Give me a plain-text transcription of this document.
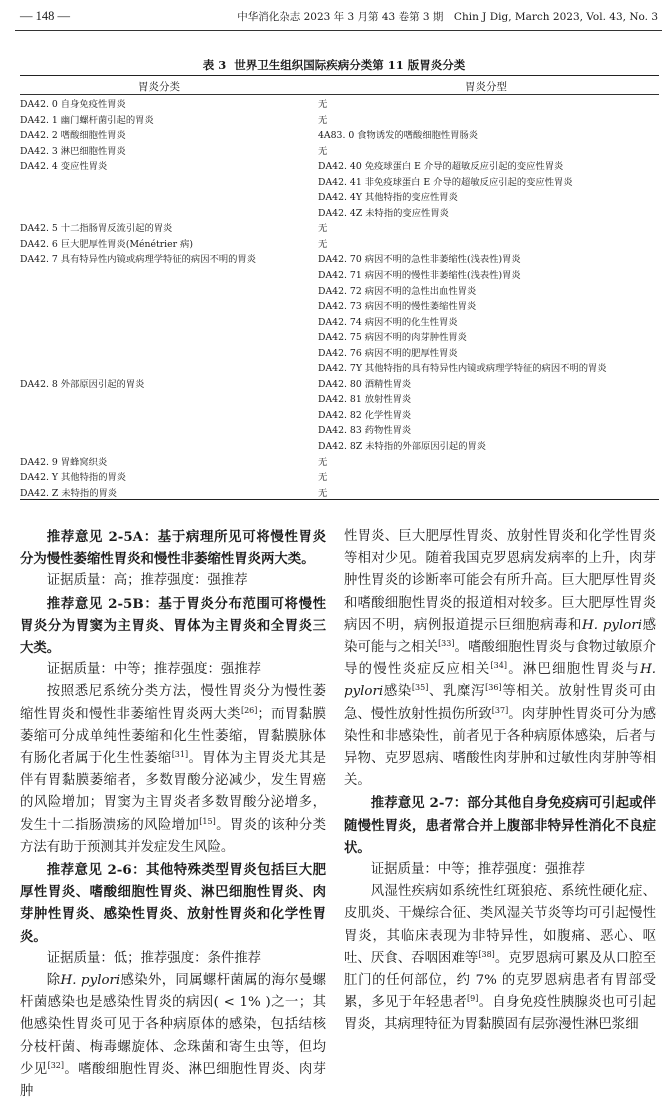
— 148 —	中华消化杂志 2023 年 3 月第 43 卷第 3 期　Chin J Dig, March 2023, Vol. 43, No. 3
表 3 世界卫生组织国际疾病分类第 11 版胃炎分类
胃炎分类	胃炎分型
DA42. 0 自身免疫性胃炎	无
DA42. 1 幽门螺杆菌引起的胃炎	无
DA42. 2 嗜酸细胞性胃炎	4A83. 0 食物诱发的嗜酸细胞性胃肠炎
DA42. 3 淋巴细胞性胃炎	无
DA42. 4 变应性胃炎	DA42. 40 免疫球蛋白 E 介导的超敏反应引起的变应性胃炎
DA42. 41 非免疫球蛋白 E 介导的超敏反应引起的变应性胃炎
DA42. 4Y 其他特指的变应性胃炎
DA42. 4Z 未特指的变应性胃炎
DA42. 5 十二指肠胃反流引起的胃炎	无
DA42. 6 巨大肥厚性胃炎(Ménétrier 病)	无
DA42. 7 具有特异性内镜或病理学特征的病因不明的胃炎	DA42. 70 病因不明的急性非萎缩性(浅表性)胃炎
DA42. 71 病因不明的慢性非萎缩性(浅表性)胃炎
DA42. 72 病因不明的急性出血性胃炎
DA42. 73 病因不明的慢性萎缩性胃炎
DA42. 74 病因不明的化生性胃炎
DA42. 75 病因不明的肉芽肿性胃炎
DA42. 76 病因不明的肥厚性胃炎
DA42. 7Y 其他特指的具有特异性内镜或病理学特征的病因不明的胃炎
DA42. 8 外部原因引起的胃炎	DA42. 80 酒精性胃炎
DA42. 81 放射性胃炎
DA42. 82 化学性胃炎
DA42. 83 药物性胃炎
DA42. 8Z 未特指的外部原因引起的胃炎
DA42. 9 胃蜂窝织炎	无
DA42. Y 其他特指的胃炎	无
DA42. Z 未特指的胃炎	无

推荐意见 2-5A：基于病理所见可将慢性胃炎分为慢性萎缩性胃炎和慢性非萎缩性胃炎两大类。

证据质量：高；推荐强度：强推荐

推荐意见 2-5B：基于胃炎分布范围可将慢性胃炎分为胃窦为主胃炎、胃体为主胃炎和全胃炎三大类。

证据质量：中等；推荐强度：强推荐

按照悉尼系统分类方法，慢性胃炎分为慢性萎缩性胃炎和慢性非萎缩性胃炎两大类[26]；而胃黏膜萎缩可分成单纯性萎缩和化生性萎缩，胃黏膜脉体有肠化者属于化生性萎缩[31]。胃体为主胃炎尤其是伴有胃黏膜萎缩者，多数胃酸分泌减少，发生胃癌的风险增加；胃窦为主胃炎者多数胃酸分泌增多，发生十二指肠溃疡的风险增加[15]。胃炎的该种分类方法有助于预测其并发症发生风险。

推荐意见 2-6：其他特殊类型胃炎包括巨大肥厚性胃炎、嗜酸细胞性胃炎、淋巴细胞性胃炎、肉芽肿性胃炎、感染性胃炎、放射性胃炎和化学性胃炎。

证据质量：低；推荐强度：条件推荐

除H. pylori感染外，同属螺杆菌属的海尔曼螺杆菌感染也是感染性胃炎的病因( < 1% )之一；其他感染性胃炎可见于各种病原体的感染，包括结核分枝杆菌、梅毒螺旋体、念珠菌和寄生虫等，但均少见[32]。嗜酸细胞性胃炎、淋巴细胞性胃炎、肉芽肿

性胃炎、巨大肥厚性胃炎、放射性胃炎和化学性胃炎等相对少见。随着我国克罗恩病发病率的上升，肉芽肿性胃炎的诊断率可能会有所升高。巨大肥厚性胃炎和嗜酸细胞性胃炎的报道相对较多。巨大肥厚性胃炎病因不明，病例报道提示巨细胞病毒和H. pylori感染可能与之相关[33]。嗜酸细胞性胃炎与食物过敏原介导的慢性炎症反应相关[34]。淋巴细胞性胃炎与H. pylori感染[35]、乳糜泻[36]等相关。放射性胃炎可由急、慢性放射性损伤所致[37]。肉芽肿性胃炎可分为感染性和非感染性，前者见于各种病原体感染，后者与异物、克罗恩病、嗜酸性肉芽肿和过敏性肉芽肿等相关。

推荐意见 2-7：部分其他自身免疫病可引起或伴随慢性胃炎，患者常合并上腹部非特异性消化不良症状。

证据质量：中等；推荐强度：强推荐

风湿性疾病如系统性红斑狼疮、系统性硬化症、皮肌炎、干燥综合征、类风湿关节炎等均可引起慢性胃炎，其临床表现为非特异性，如腹痛、恶心、呕吐、厌食、吞咽困难等[38]。克罗恩病可累及从口腔至肛门的任何部位，约 7% 的克罗恩病患者有胃部受累，多见于年轻患者[9]。自身免疫性胰腺炎也可引起胃炎，其病理特征为胃黏膜固有层弥漫性淋巴浆细
